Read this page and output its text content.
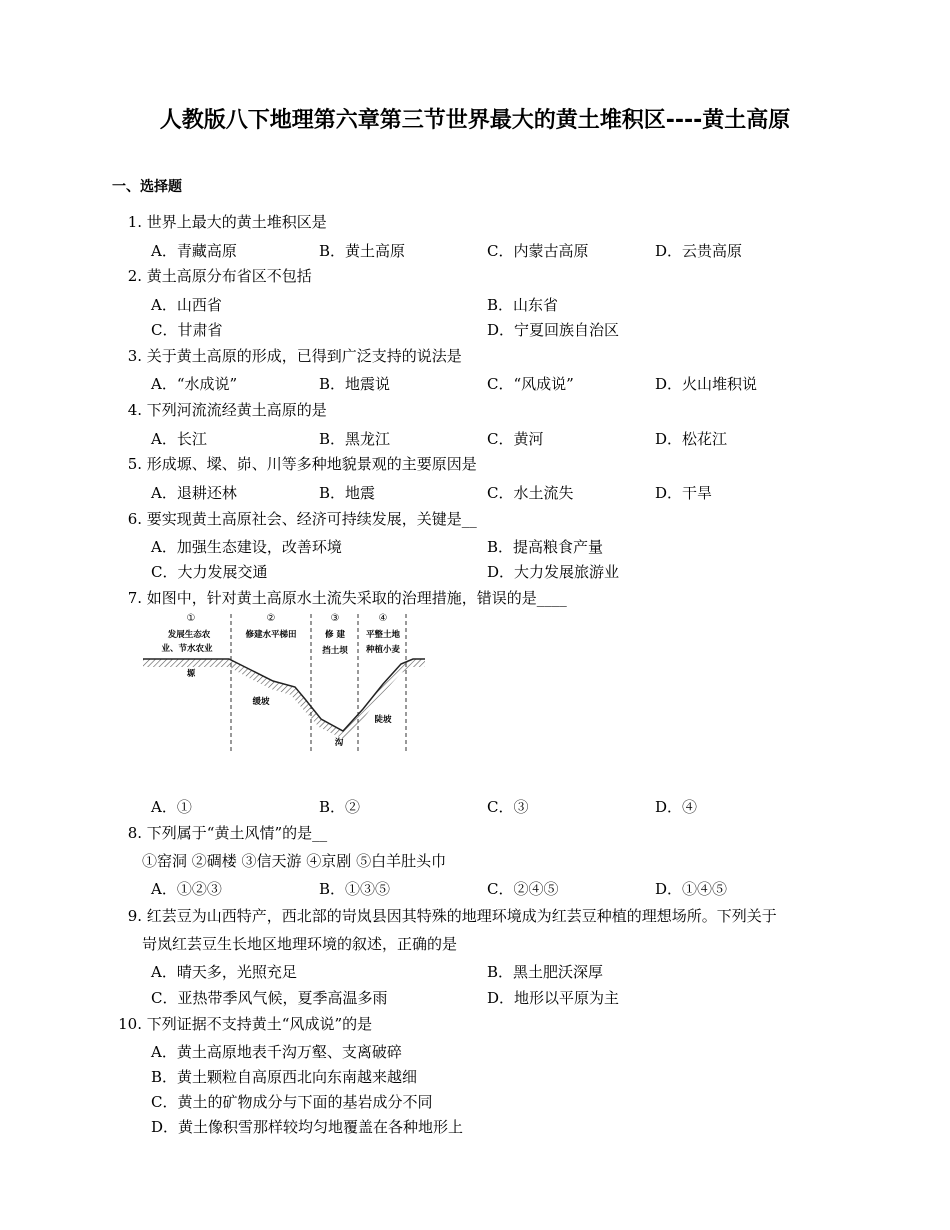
人教版八下地理第六章第三节世界最大的黄土堆积区----黄土高原
一、选择题
1. 世界上最大的黄土堆积区是
A．青藏高原	B．黄土高原	C．内蒙古高原	D．云贵高原
2. 黄土高原分布省区不包括
A．山西省	B．山东省
C．甘肃省	D．宁夏回族自治区
3. 关于黄土高原的形成，已得到广泛支持的说法是
A．“水成说”	B．地震说	C．“风成说”	D．火山堆积说
4. 下列河流流经黄土高原的是
A．长江	B．黑龙江	C．黄河	D．松花江
5. 形成塬、墚、峁、川等多种地貌景观的主要原因是
A．退耕还林	B．地震	C．水土流失	D．干旱
6. 要实现黄土高原社会、经济可持续发展，关键是__
A．加强生态建设，改善环境	B．提高粮食产量
C．大力发展交通	D．大力发展旅游业
7. 如图中，针对黄土高原水土流失采取的治理措施，错误的是____
①
发展生态农
业、节水农业
②
修建水平梯田
③
修 建
挡土坝
④
平整土地
种植小麦
塬
缓坡
陡坡
沟
A．①	B．②	C．③	D．④
8. 下列属于“黄土风情”的是__
①窑洞 ②碉楼 ③信天游 ④京剧 ⑤白羊肚头巾
A．①②③	B．①③⑤	C．②④⑤	D．①④⑤
9. 红芸豆为山西特产，西北部的岢岚县因其特殊的地理环境成为红芸豆种植的理想场所。下列关于
岢岚红芸豆生长地区地理环境的叙述，正确的是
A．晴天多，光照充足	B．黑土肥沃深厚
C．亚热带季风气候，夏季高温多雨	D．地形以平原为主
10. 下列证据不支持黄土“风成说”的是
A．黄土高原地表千沟万壑、支离破碎
B．黄土颗粒自高原西北向东南越来越细
C．黄土的矿物成分与下面的基岩成分不同
D．黄土像积雪那样较均匀地覆盖在各种地形上
